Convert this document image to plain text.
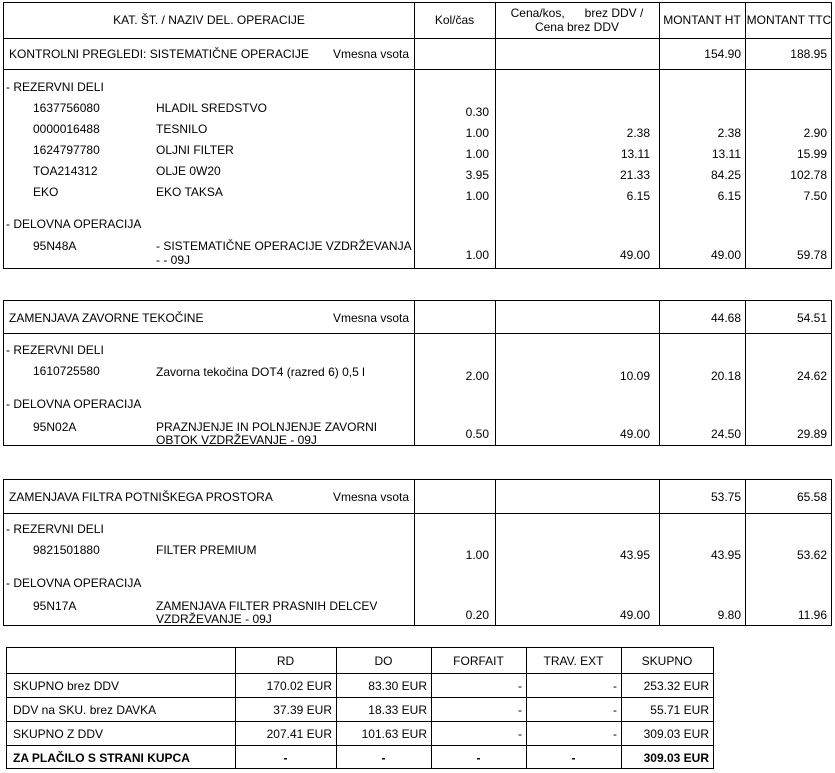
KAT. ŠT. / NAZIV DEL. OPERACIJE	Kol/čas	Cena/kos,      brez DDV /
Cena brez DDV	MONTANT HT MONTANT TTC
KONTROLNI PREGLEDI: SISTEMATIČNE OPERACIJE Vmesna vsota	154.90	188.95
- REZERVNI DELI
1637756080	HLADIL SREDSTVO	0.30
0000016488	TESNILO	1.00	2.38	2.38	2.90
1624797780	OLJNI FILTER	1.00	13.11	13.11	15.99
TOA214312	OLJE 0W20	3.95	21.33	84.25	102.78
EKO	EKO TAKSA	1.00	6.15	6.15	7.50
- DELOVNA OPERACIJA
95N48A	- SISTEMATIČNE OPERACIJE VZDRŽEVANJA
- - 09J	1.00	49.00	49.00	59.78
ZAMENJAVA ZAVORNE TEKOČINE	Vmesna vsota	44.68	54.51
- REZERVNI DELI
1610725580	Zavorna tekočina DOT4 (razred 6) 0,5 l	2.00	10.09	20.18	24.62
- DELOVNA OPERACIJA
95N02A	PRAZNJENJE IN POLNJENJE ZAVORNI
OBTOK VZDRŽEVANJE - 09J	0.50	49.00	24.50	29.89
ZAMENJAVA FILTRA POTNIŠKEGA PROSTORA	Vmesna vsota	53.75	65.58
- REZERVNI DELI
9821501880	FILTER PREMIUM	1.00	43.95	43.95	53.62
- DELOVNA OPERACIJA
95N17A	ZAMENJAVA FILTER PRASNIH DELCEV
VZDRŽEVANJE - 09J	0.20	49.00	9.80	11.96
RD	DO	FORFAIT	TRAV. EXT	SKUPNO
SKUPNO brez DDV	170.02 EUR	83.30 EUR	-	-	253.32 EUR
DDV na SKU. brez DAVKA	37.39 EUR	18.33 EUR	-	-	55.71 EUR
SKUPNO Z DDV	207.41 EUR	101.63 EUR	-	-	309.03 EUR
ZA PLAČILO S STRANI KUPCA	-	-	-	-	309.03 EUR
